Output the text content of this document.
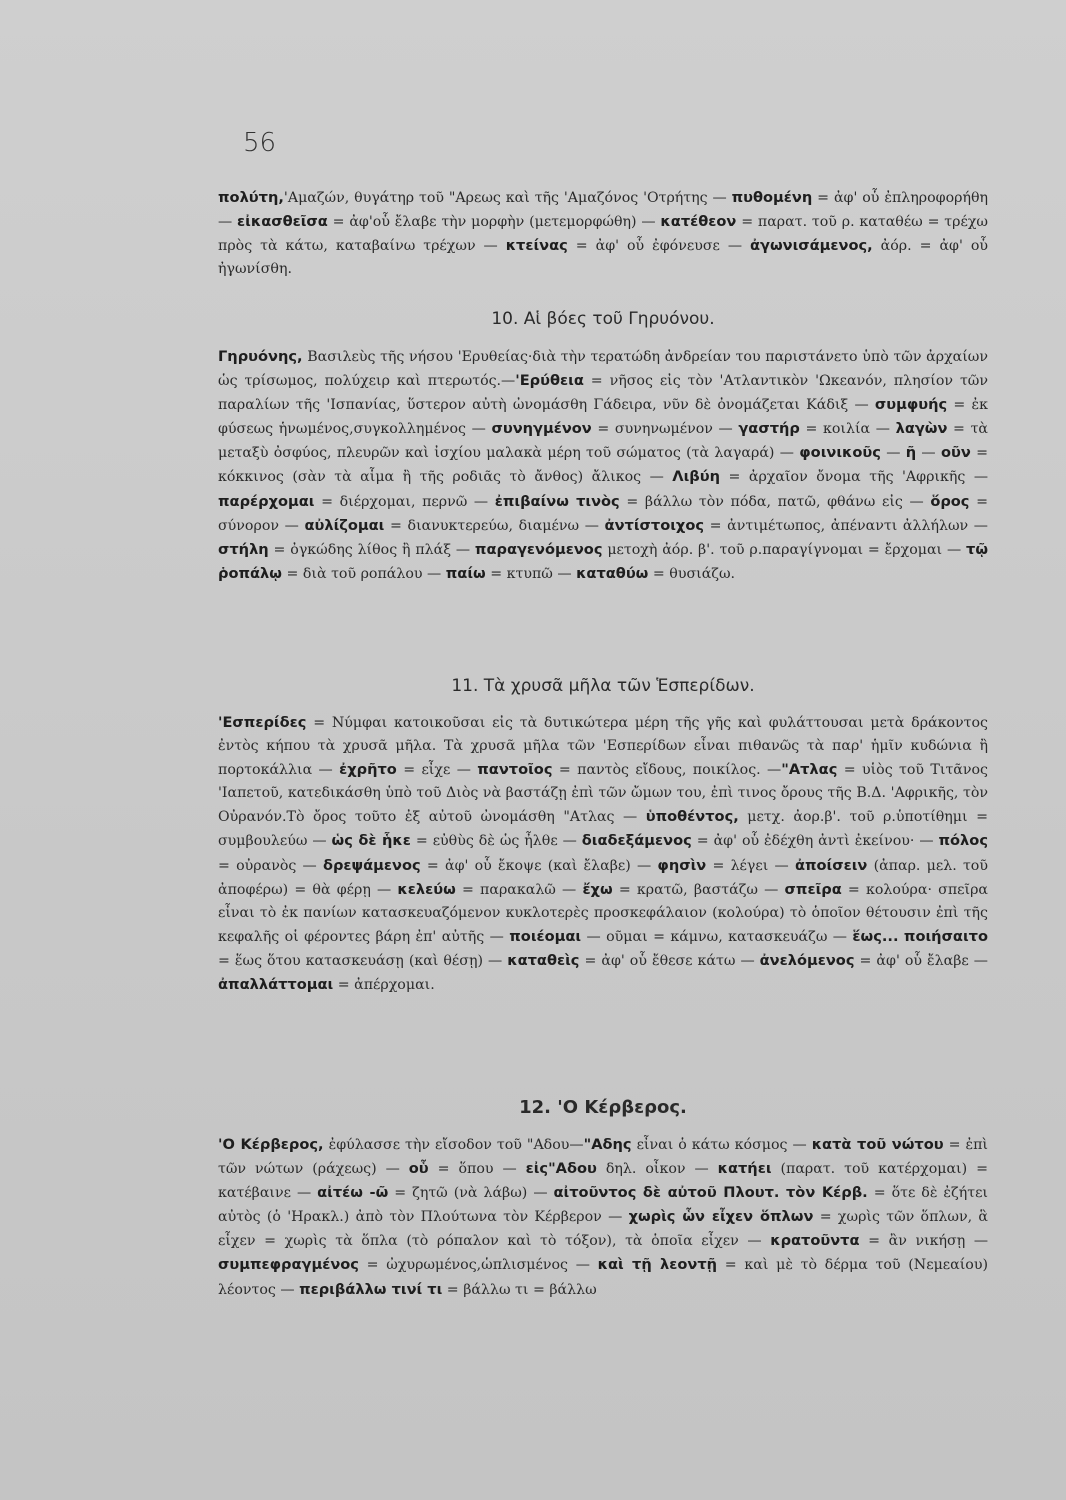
56

πολύτη,'Αμαζών, θυγάτηρ τοῦ "Αρεως καὶ τῆς 'Αμαζόνος 'Οτρήτης — πυθομένη = ἀφ' οὗ ἐπληροφορήθη — εἰκασθεῖσα = ἀφ'οὗ ἔλαβε τὴν μορφὴν (μετεμορφώθη) — κατέθεον = παρατ. τοῦ ρ. καταθέω = τρέχω πρὸς τὰ κάτω, καταβαίνω τρέχων — κτείνας = ἀφ' οὗ ἐφόνευσε — ἀγωνισάμενος, ἀόρ. = ἀφ' οὗ ἠγωνίσθη.

10. Αἱ βόες τοῦ Γηρυόνου.

Γηρυόνης, Βασιλεὺς τῆς νήσου 'Ερυθείας·διὰ τὴν τερατώδη ἀνδρείαν του παριστάνετο ὑπὸ τῶν ἀρχαίων ὡς τρίσωμος, πολύχειρ καὶ πτερωτός.—'Ερύθεια = νῆσος εἰς τὸν 'Ατλαντικὸν 'Ωκεανόν, πλησίον τῶν παραλίων τῆς 'Ισπανίας, ὕστερον αὐτὴ ὠνομάσθη Γάδειρα, νῦν δὲ ὀνομάζεται Κάδιξ — συμφυής = ἐκ φύσεως ἡνωμένος,συγκολλημένος — συνηγμένον = συνηνωμένον — γαστήρ = κοιλία — λαγὼν = τὰ μεταξὺ ὀσφύος, πλευρῶν καὶ ἰσχίου μαλακὰ μέρη τοῦ σώματος (τὰ λαγαρά) — φοινικοῦς — ῆ — οῦν = κόκκινος (σὰν τὰ αἷμα ἢ τῆς ροδιᾶς τὸ ἄνθος) ἄλικος — Λιβύη = ἀρχαῖον ὄνομα τῆς 'Αφρικῆς — παρέρχομαι = διέρχομαι, περνῶ — ἐπιβαίνω τινὸς = βάλλω τὸν πόδα, πατῶ, φθάνω εἰς — ὅρος = σύνορον — αὐλίζομαι = διανυκτερεύω, διαμένω — ἀντίστοιχος = ἀντιμέτωπος, ἀπέναντι ἀλλήλων — στήλη = ὀγκώδης λίθος ἢ πλάξ — παραγενόμενος μετοχὴ ἀόρ. β'. τοῦ ρ.παραγίγνομαι = ἔρχομαι — τῷ ῥοπάλῳ = διὰ τοῦ ροπάλου — παίω = κτυπῶ — καταθύω = θυσιάζω.

11. Τὰ χρυσᾶ μῆλα τῶν Ἑσπερίδων.

'Εσπερίδες = Νύμφαι κατοικοῦσαι εἰς τὰ δυτικώτερα μέρη τῆς γῆς καὶ φυλάττουσαι μετὰ δράκοντος ἐντὸς κήπου τὰ χρυσᾶ μῆλα. Τὰ χρυσᾶ μῆλα τῶν 'Εσπερίδων εἶναι πιθανῶς τὰ παρ' ἡμῖν κυδώνια ἢ πορτοκάλλια — ἐχρῆτο = εἶχε — παντοῖος = παντὸς εἴδους, ποικίλος. —"Ατλας = υἱὸς τοῦ Τιτᾶνος 'Ιαπετοῦ, κατεδικάσθη ὑπὸ τοῦ Διὸς νὰ βαστάζῃ ἐπὶ τῶν ὤμων του, ἐπὶ τινος ὄρους τῆς Β.Δ. 'Αφρικῆς, τὸν Οὐρανόν.Τὸ ὄρος τοῦτο ἐξ αὐτοῦ ὠνομάσθη "Ατλας — ὑποθέντος, μετχ. ἀορ.β'. τοῦ ρ.ὑποτίθημι = συμβουλεύω — ὡς δὲ ἧκε = εὐθὺς δὲ ὡς ἦλθε — διαδεξάμενος = ἀφ' οὗ ἐδέχθη ἀντὶ ἐκείνου· — πόλος = οὐρανὸς — δρεψάμενος = ἀφ' οὗ ἔκοψε (καὶ ἔλαβε) — φησὶν = λέγει — ἀποίσειν (ἀπαρ. μελ. τοῦ ἀποφέρω) = θὰ φέρῃ — κελεύω = παρακαλῶ — ἔχω = κρατῶ, βαστάζω — σπεῖρα = κολούρα· σπεῖρα εἶναι τὸ ἐκ πανίων κατασκευαζόμενον κυκλοτερὲς προσκεφάλαιον (κολούρα) τὸ ὁποῖον θέτουσιν ἐπὶ τῆς κεφαλῆς οἱ φέροντες βάρη ἐπ' αὐτῆς — ποιέομαι — οῦμαι = κάμνω, κατασκευάζω — ἕως... ποιήσαιτο = ἕως ὅτου κατασκευάσῃ (καὶ θέσῃ) — καταθεὶς = ἀφ' οὗ ἔθεσε κάτω — ἀνελόμενος = ἀφ' οὗ ἔλαβε — ἀπαλλάττομαι = ἀπέρχομαι.

12. 'Ο Κέρβερος.

'Ο Κέρβερος, ἐφύλασσε τὴν εἴσοδον τοῦ "Αδου—"Αδης εἶναι ὁ κάτω κόσμος — κατὰ τοῦ νώτου = ἐπὶ τῶν νώτων (ράχεως) — οὗ = ὅπου — εἰς"Αδου δηλ. οἶκον — κατήει (παρατ. τοῦ κατέρχομαι) = κατέβαινε — αἰτέω -ῶ = ζητῶ (νὰ λάβω) — αἰτοῦντος δὲ αὐτοῦ Πλουτ. τὸν Κέρβ. = ὅτε δὲ ἐζήτει αὐτὸς (ὁ 'Ηρακλ.) ἀπὸ τὸν Πλούτωνα τὸν Κέρβερον — χωρὶς ὧν εἶχεν ὅπλων = χωρὶς τῶν ὅπλων, ἃ εἶχεν = χωρὶς τὰ ὅπλα (τὸ ρόπαλον καὶ τὸ τόξον), τὰ ὁποῖα εἶχεν — κρατοῦντα = ἂν νικήσῃ — συμπεφραγμένος = ὠχυρωμένος,ὡπλισμένος — καὶ τῇ λεοντῇ = καὶ μὲ τὸ δέρμα τοῦ (Νεμεαίου) λέοντος — περιβάλλω τινί τι = βάλλω τι = βάλλω
